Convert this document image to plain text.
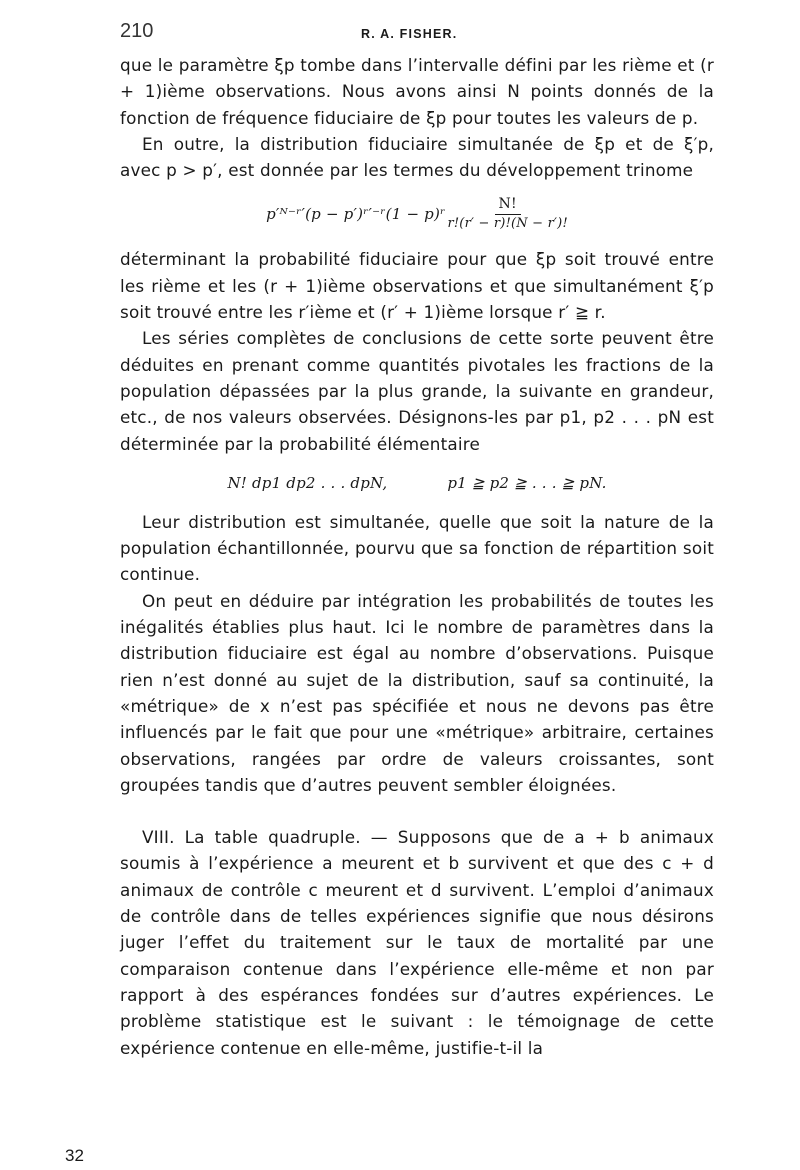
210	R. A. FISHER.

que le paramètre ξp tombe dans l’intervalle défini par les rième et (r + 1)ième observations. Nous avons ainsi N points donnés de la fonction de fréquence fiduciaire de ξp pour toutes les valeurs de p.

En outre, la distribution fiduciaire simultanée de ξp et de ξ′p, avec p > p′, est donnée par les termes du développement trinome

p′ᴺ⁻ʳ′(p − p′)ʳ′⁻ʳ(1 − p)ʳ $\frac{N!}{r!(r' - r)!(N - r')!}$

déterminant la probabilité fiduciaire pour que ξp soit trouvé entre les rième et les (r + 1)ième observations et que simultanément ξ′p soit trouvé entre les r′ième et (r′ + 1)ième lorsque r′ ≧ r.

Les séries complètes de conclusions de cette sorte peuvent être déduites en prenant comme quantités pivotales les fractions de la population dépassées par la plus grande, la suivante en grandeur, etc., de nos valeurs observées. Désignons-les par p1, p2 . . . pN est déterminée par la probabilité élémentaire

N! dp1 dp2 . . . dpN,	p1 ≧ p2 ≧ . . . ≧ pN.

Leur distribution est simultanée, quelle que soit la nature de la population échantillonnée, pourvu que sa fonction de répartition soit continue.

On peut en déduire par intégration les probabilités de toutes les inégalités établies plus haut. Ici le nombre de paramètres dans la distribution fiduciaire est égal au nombre d’observations. Puisque rien n’est donné au sujet de la distribution, sauf sa continuité, la «métrique» de x n’est pas spécifiée et nous ne devons pas être influencés par le fait que pour une «métrique» arbitraire, certaines observations, rangées par ordre de valeurs croissantes, sont groupées tandis que d’autres peuvent sembler éloignées.

VIII. La table quadruple. — Supposons que de a + b animaux soumis à l’expérience a meurent et b survivent et que des c + d animaux de contrôle c meurent et d survivent. L’emploi d’animaux de contrôle dans de telles expériences signifie que nous désirons juger l’effet du traitement sur le taux de mortalité par une comparaison contenue dans l’expérience elle-même et non par rapport à des espérances fondées sur d’autres expériences. Le problème statistique est le suivant : le témoignage de cette expérience contenue en elle-même, justifie-t-il la

32
